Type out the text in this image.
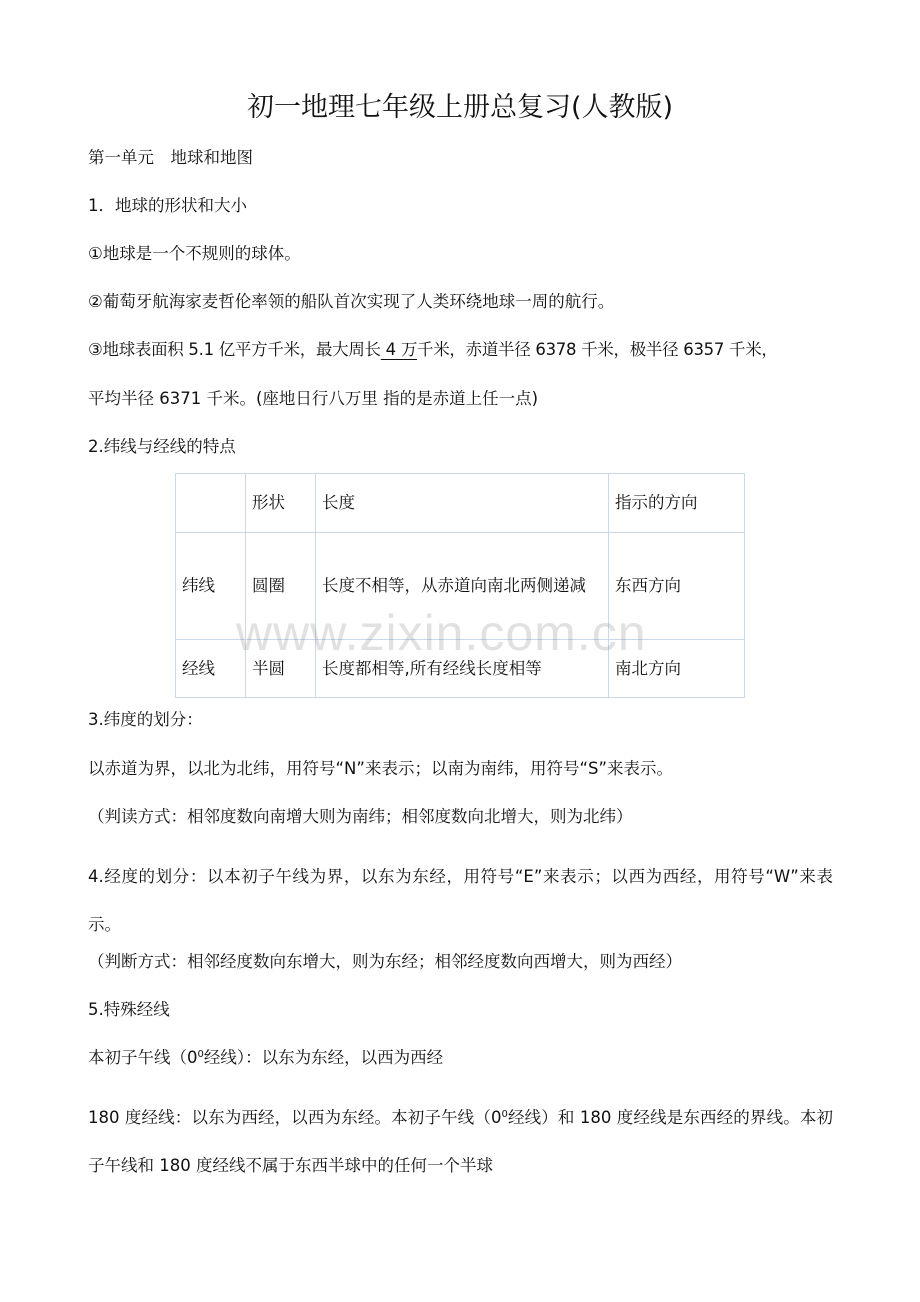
初一地理七年级上册总复习(人教版)
第一单元　地球和地图
1．地球的形状和大小
①地球是一个不规则的球体。
②葡萄牙航海家麦哲伦率领的船队首次实现了人类环绕地球一周的航行。
③地球表面积 5.1 亿平方千米，最大周长 4 万千米，赤道半径 6378 千米，极半径 6357 千米，
平均半径 6371 千米。(座地日行八万里 指的是赤道上任一点)
2.纬线与经线的特点
	形状	长度	指示的方向
纬线	圆圈	长度不相等，从赤道向南北两侧递减	东西方向
经线	半圆	长度都相等,所有经线长度相等	南北方向
www.zixin.com.cn
3.纬度的划分：
以赤道为界，以北为北纬，用符号“N”来表示；以南为南纬，用符号“S”来表示。
（判读方式：相邻度数向南增大则为南纬；相邻度数向北增大，则为北纬）
4.经度的划分：以本初子午线为界，以东为东经，用符号“E”来表示；以西为西经，用符号“W”来表示。
（判断方式：相邻经度数向东增大，则为东经；相邻经度数向西增大，则为西经）
5.特殊经线
本初子午线（$0^0$经线）：以东为东经，以西为西经
180 度经线：以东为西经，以西为东经。本初子午线（$0^0$经线）和 180 度经线是东西经的界线。本初子午线和 180 度经线不属于东西半球中的任何一个半球
